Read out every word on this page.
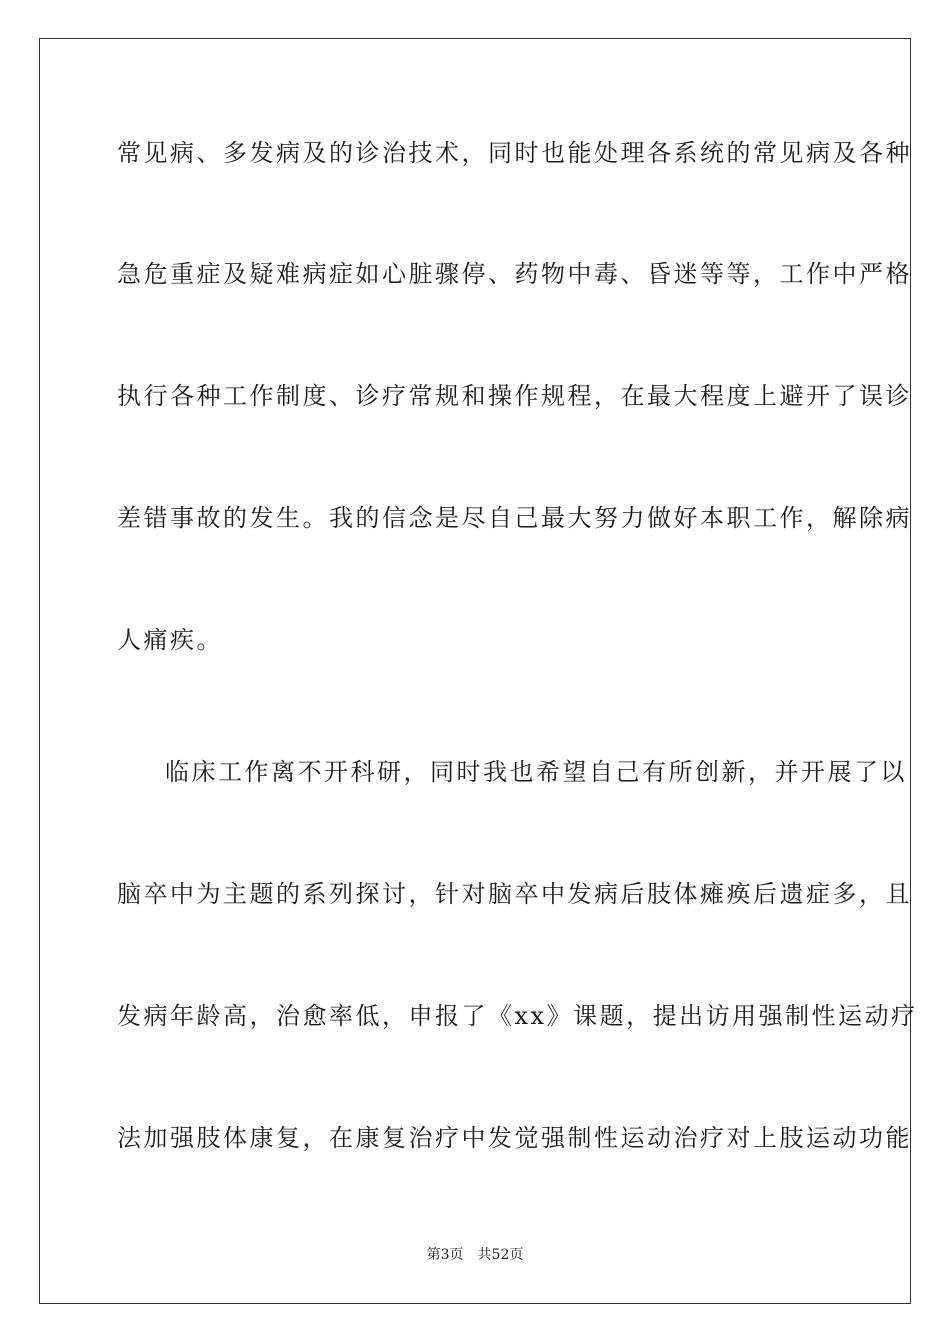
常见病、多发病及的诊治技术，同时也能处理各系统的常见病及各种
急危重症及疑难病症如心脏骤停、药物中毒、昏迷等等，工作中严格
执行各种工作制度、诊疗常规和操作规程，在最大程度上避开了误诊
差错事故的发生。我的信念是尽自己最大努力做好本职工作，解除病
人痛疾。
临床工作离不开科研，同时我也希望自己有所创新，并开展了以
脑卒中为主题的系列探讨，针对脑卒中发病后肢体瘫痪后遗症多，且
发病年龄高，治愈率低，申报了《xx》课题，提出访用强制性运动疗
法加强肢体康复，在康复治疗中发觉强制性运动治疗对上肢运动功能
第3页 共52页
